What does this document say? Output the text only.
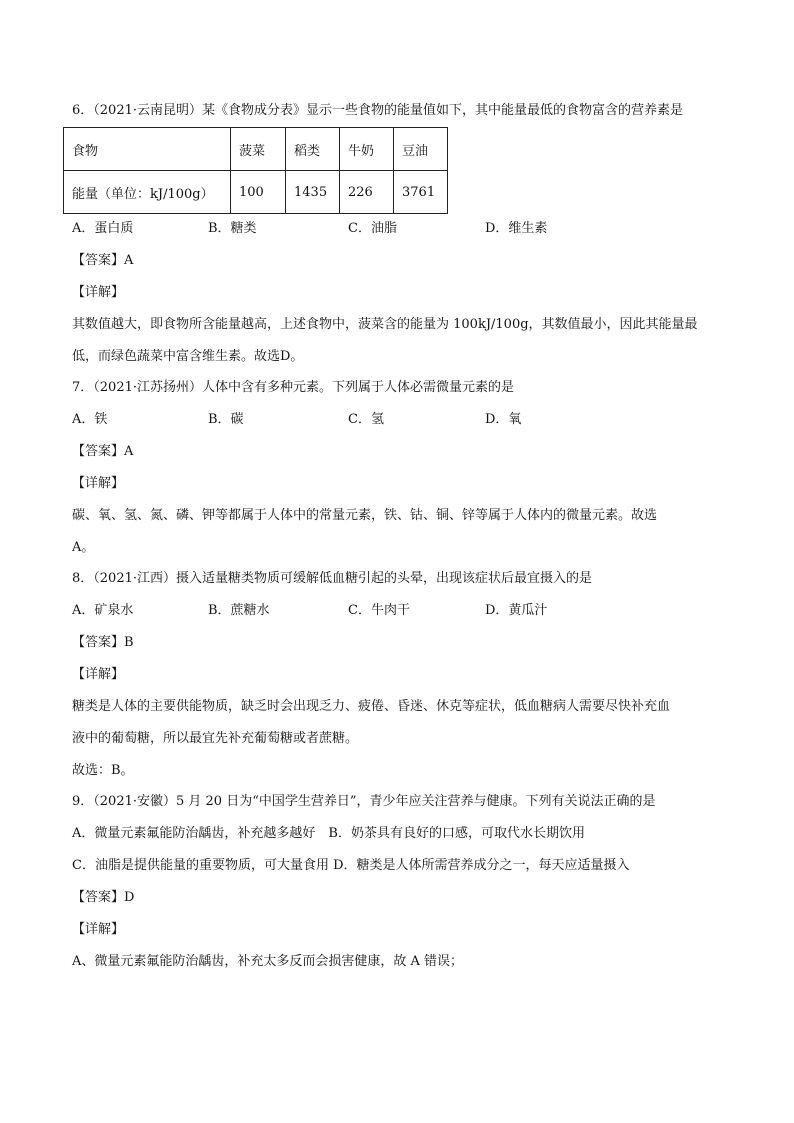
6．（2021·云南昆明）某《食物成分表》显示一些食物的能量值如下，其中能量最低的食物富含的营养素是
食物	菠菜	稻类	牛奶	豆油
能量（单位：kJ/100g）	100	1435	226	3761
A．蛋白质	B．糖类	C．油脂	D．维生素
【答案】A
【详解】
其数值越大，即食物所含能量越高，上述食物中，菠菜含的能量为 100kJ/100g，其数值最小，因此其能量最
低，而绿色蔬菜中富含维生素。故选D。
7．（2021·江苏扬州）人体中含有多种元素。下列属于人体必需微量元素的是
A．铁	B．碳	C．氢	D．氧
【答案】A
【详解】
碳、氧、氢、氮、磷、钾等都属于人体中的常量元素，铁、钴、铜、锌等属于人体内的微量元素。故选
A。
8．（2021·江西）摄入适量糖类物质可缓解低血糖引起的头晕，出现该症状后最宜摄入的是
A．矿泉水	B．蔗糖水	C．牛肉干	D．黄瓜汁
【答案】B
【详解】
糖类是人体的主要供能物质，缺乏时会出现乏力、疲倦、昏迷、休克等症状，低血糖病人需要尽快补充血
液中的葡萄糖，所以最宜先补充葡萄糖或者蔗糖。
故选：B。
9．（2021·安徽）5 月 20 日为“中国学生营养日”，青少年应关注营养与健康。下列有关说法正确的是
A．微量元素氟能防治龋齿，补充越多越好　B．奶茶具有良好的口感，可取代水长期饮用
C．油脂是提供能量的重要物质，可大量食用 D．糖类是人体所需营养成分之一，每天应适量摄入
【答案】D
【详解】
A、微量元素氟能防治龋齿，补充太多反而会损害健康，故 A 错误；
